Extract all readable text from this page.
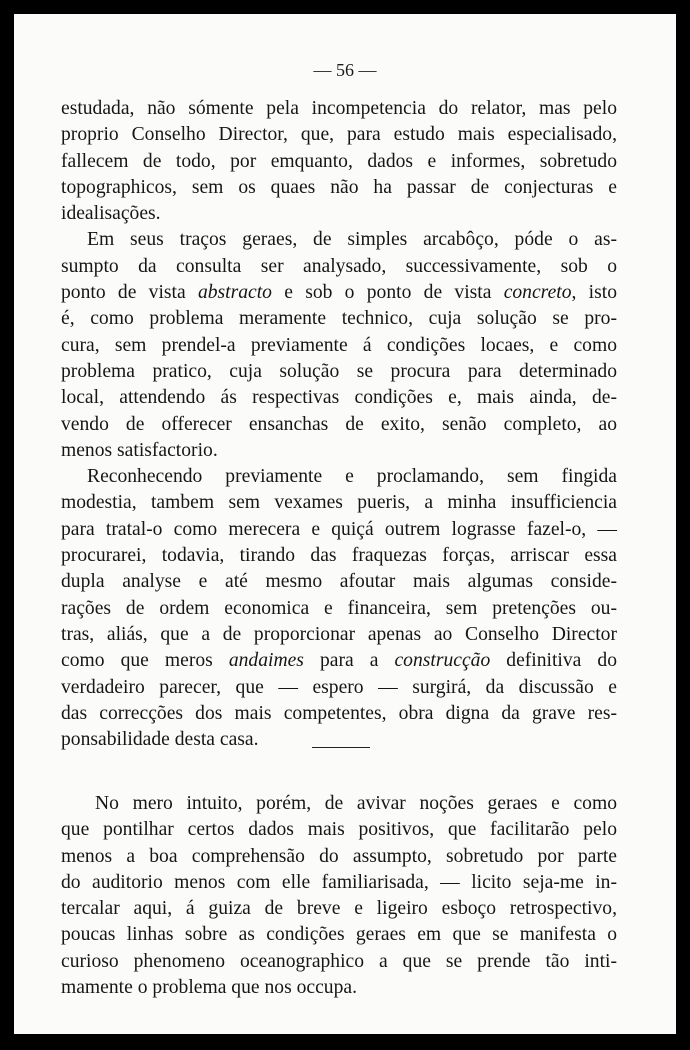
— 56 —
estudada, não sómente pela incompetencia do relator, mas pelo
proprio Conselho Director, que, para estudo mais especialisado,
fallecem de todo, por emquanto, dados e informes, sobretudo
topographicos, sem os quaes não ha passar de conjecturas e
idealisações.
Em seus traços geraes, de simples arcabôço, póde o as-
sumpto da consulta ser analysado, successivamente, sob o
ponto de vista abstracto e sob o ponto de vista concreto, isto
é, como problema meramente technico, cuja solução se pro-
cura, sem prendel-a previamente á condições locaes, e como
problema pratico, cuja solução se procura para determinado
local, attendendo ás respectivas condições e, mais ainda, de-
vendo de offerecer ensanchas de exito, senão completo, ao
menos satisfactorio.
Reconhecendo previamente e proclamando, sem fingida
modestia, tambem sem vexames pueris, a minha insufficiencia
para tratal-o como merecera e quiçá outrem lograsse fazel-o, —
procurarei, todavia, tirando das fraquezas forças, arriscar essa
dupla analyse e até mesmo afoutar mais algumas conside-
rações de ordem economica e financeira, sem pretenções ou-
tras, aliás, que a de proporcionar apenas ao Conselho Director
como que meros andaimes para a construcção definitiva do
verdadeiro parecer, que — espero — surgirá, da discussão e
das correcções dos mais competentes, obra digna da grave res-
ponsabilidade desta casa.
No mero intuito, porém, de avivar noções geraes e como
que pontilhar certos dados mais positivos, que facilitarão pelo
menos a boa comprehensão do assumpto, sobretudo por parte
do auditorio menos com elle familiarisada, — licito seja-me in-
tercalar aqui, á guiza de breve e ligeiro esboço retrospectivo,
poucas linhas sobre as condições geraes em que se manifesta o
curioso phenomeno oceanographico a que se prende tão inti-
mamente o problema que nos occupa.
